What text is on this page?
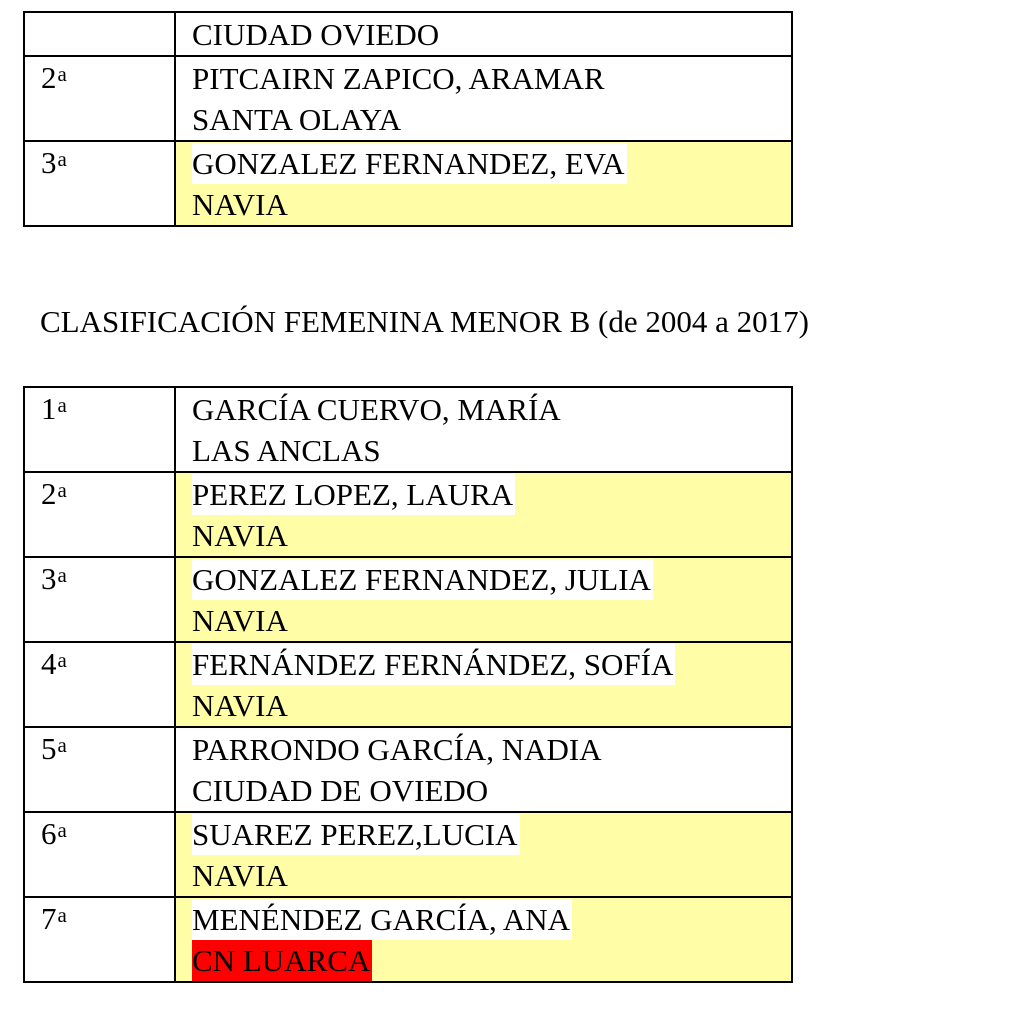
	CIUDAD OVIEDO

2$^a$	PITCAIRN ZAPICO, ARAMAR
SANTA OLAYA

3$^a$	GONZALEZ FERNANDEZ, EVA
NAVIA
CLASIFICACIÓN FEMENINA MENOR B (de 2004 a 2017)
1$^a$	GARCÍA CUERVO, MARÍA
LAS ANCLAS

2$^a$	PEREZ LOPEZ, LAURA
NAVIA

3$^a$	GONZALEZ FERNANDEZ, JULIA
NAVIA

4$^a$	FERNÁNDEZ FERNÁNDEZ, SOFÍA
NAVIA

5$^a$	PARRONDO GARCÍA, NADIA
CIUDAD DE OVIEDO

6$^a$	SUAREZ PEREZ,LUCIA
NAVIA

7$^a$	MENÉNDEZ GARCÍA, ANA
CN LUARCA
